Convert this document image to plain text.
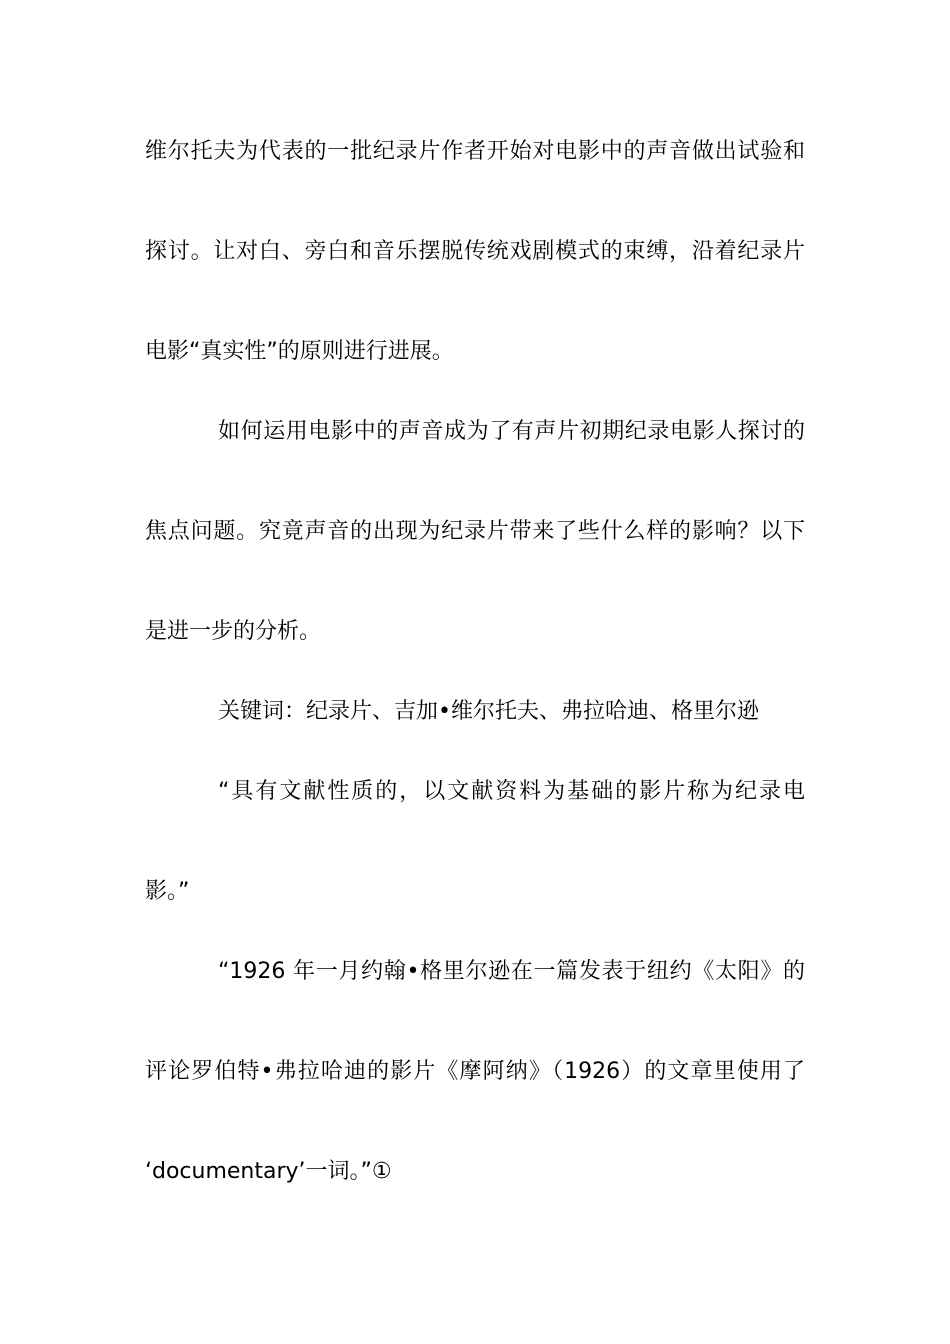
维尔托夫为代表的一批纪录片作者开始对电影中的声音做出试验和
探讨。让对白、旁白和音乐摆脱传统戏剧模式的束缚，沿着纪录片
电影“真实性”的原则进行进展。
如何运用电影中的声音成为了有声片初期纪录电影人探讨的
焦点问题。究竟声音的出现为纪录片带来了些什么样的影响？以下
是进一步的分析。
关键词：纪录片、吉加•维尔托夫、弗拉哈迪、格里尔逊
“具有文献性质的，以文献资料为基础的影片称为纪录电
影。”
“1926 年一月约翰•格里尔逊在一篇发表于纽约《太阳》的
评论罗伯特•弗拉哈迪的影片《摩阿纳》（1926）的文章里使用了
‘documentary’一词。”①
